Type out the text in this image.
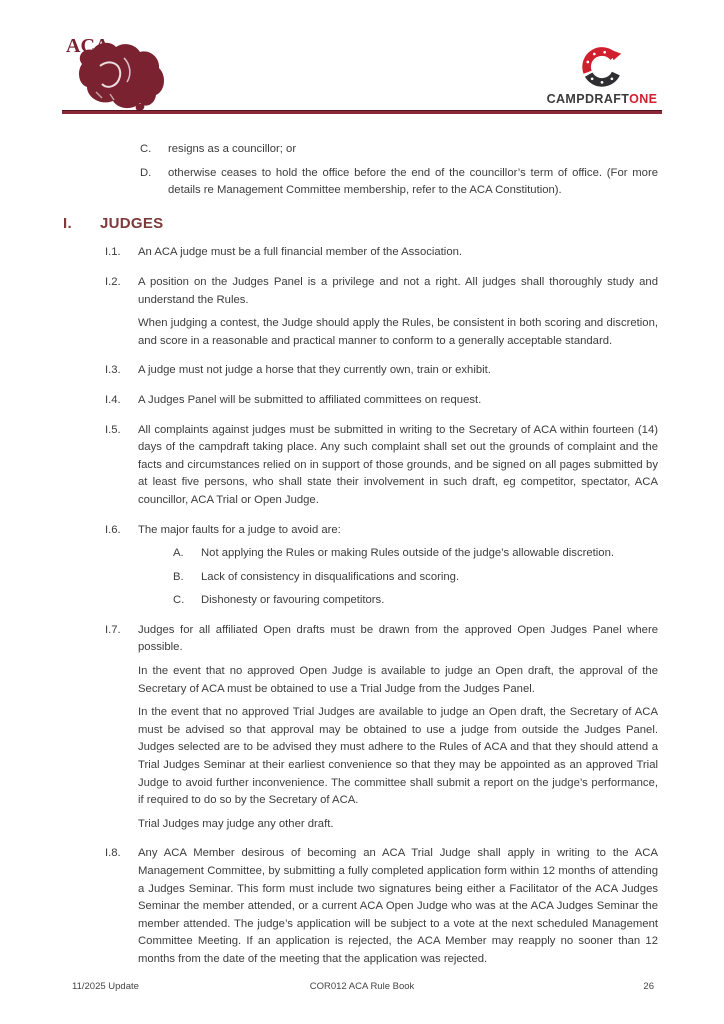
ACA
CAMPDRAFTONE
C.	resigns as a councillor; or
D.	otherwise ceases to hold the office before the end of the councillor’s term of office. (For more details re Management Committee membership, refer to the ACA Constitution).
I.	JUDGES
I.1.	An ACA judge must be a full financial member of the Association.

I.2.	A position on the Judges Panel is a privilege and not a right. All judges shall thoroughly study and understand the Rules.

When judging a contest, the Judge should apply the Rules, be consistent in both scoring and discretion, and score in a reasonable and practical manner to conform to a generally acceptable standard.

I.3.	A judge must not judge a horse that they currently own, train or exhibit.

I.4.	A Judges Panel will be submitted to affiliated committees on request.

I.5.	All complaints against judges must be submitted in writing to the Secretary of ACA within fourteen (14) days of the campdraft taking place. Any such complaint shall set out the grounds of complaint and the facts and circumstances relied on in support of those grounds, and be signed on all pages submitted by at least five persons, who shall state their involvement in such draft, eg competitor, spectator, ACA councillor, ACA Trial or Open Judge.

I.6.	The major faults for a judge to avoid are:

A.	Not applying the Rules or making Rules outside of the judge’s allowable discretion.
B.	Lack of consistency in disqualifications and scoring.
C.	Dishonesty or favouring competitors.
I.7.	Judges for all affiliated Open drafts must be drawn from the approved Open Judges Panel where possible.

In the event that no approved Open Judge is available to judge an Open draft, the approval of the Secretary of ACA must be obtained to use a Trial Judge from the Judges Panel.

In the event that no approved Trial Judges are available to judge an Open draft, the Secretary of ACA must be advised so that approval may be obtained to use a judge from outside the Judges Panel. Judges selected are to be advised they must adhere to the Rules of ACA and that they should attend a Trial Judges Seminar at their earliest convenience so that they may be appointed as an approved Trial Judge to avoid further inconvenience. The committee shall submit a report on the judge’s performance, if required to do so by the Secretary of ACA.

Trial Judges may judge any other draft.

I.8.	Any ACA Member desirous of becoming an ACA Trial Judge shall apply in writing to the ACA Management Committee, by submitting a fully completed application form within 12 months of attending a Judges Seminar. This form must include two signatures being either a Facilitator of the ACA Judges Seminar the member attended, or a current ACA Open Judge who was at the ACA Judges Seminar the member attended. The judge’s application will be subject to a vote at the next scheduled Management Committee Meeting. If an application is rejected, the ACA Member may reapply no sooner than 12 months from the date of the meeting that the application was rejected.

11/2025 Update	COR012 ACA Rule Book	26
